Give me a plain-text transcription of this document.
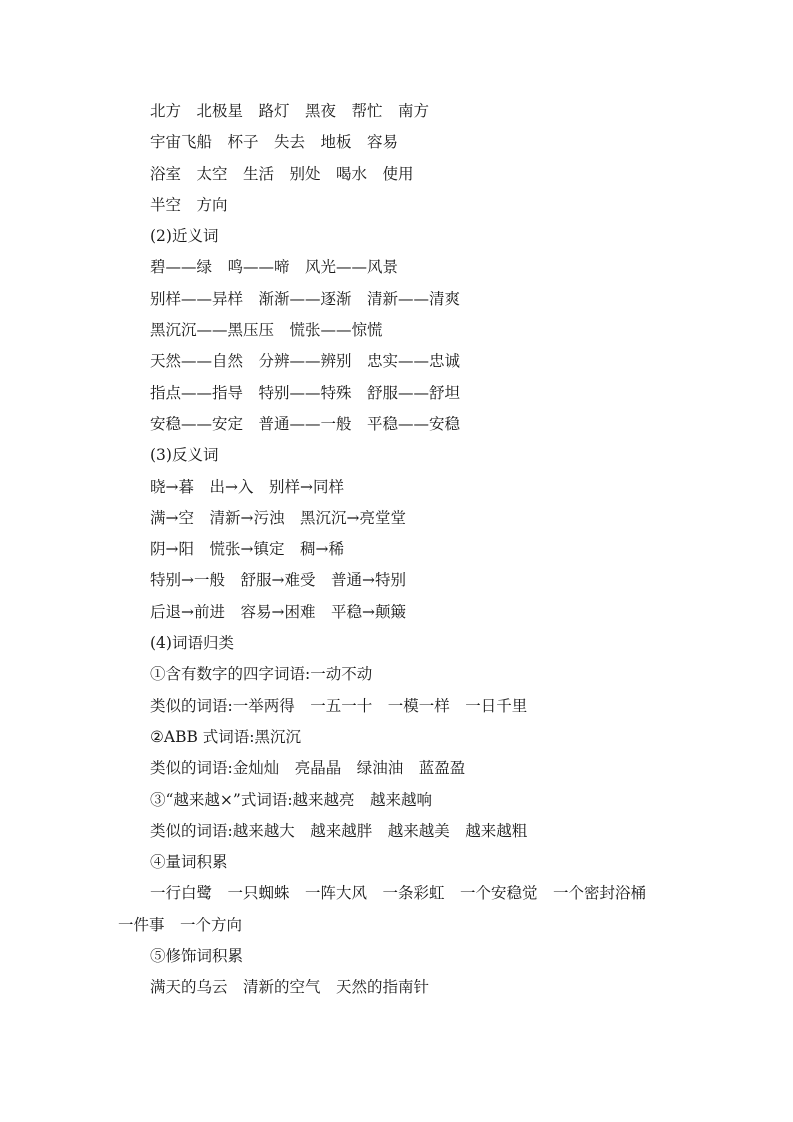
北方　北极星　路灯　黑夜　帮忙　南方
宇宙飞船　杯子　失去　地板　容易
浴室　太空　生活　别处　喝水　使用
半空　方向
(2)近义词
碧——绿　鸣——啼　风光——风景
别样——异样　渐渐——逐渐　清新——清爽
黑沉沉——黑压压　慌张——惊慌
天然——自然　分辨——辨别　忠实——忠诚
指点——指导　特别——特殊　舒服——舒坦
安稳——安定　普通——一般　平稳——安稳
(3)反义词
晓→暮　出→入　别样→同样
满→空　清新→污浊　黑沉沉→亮堂堂
阴→阳　慌张→镇定　稠→稀
特别→一般　舒服→难受　普通→特别
后退→前进　容易→困难　平稳→颠簸
(4)词语归类
①含有数字的四字词语:一动不动
类似的词语:一举两得　一五一十　一模一样　一日千里
②ABB 式词语:黑沉沉
类似的词语:金灿灿　亮晶晶　绿油油　蓝盈盈
③“越来越×”式词语:越来越亮　越来越响
类似的词语:越来越大　越来越胖　越来越美　越来越粗
④量词积累
一行白鹭　一只蜘蛛　一阵大风　一条彩虹　一个安稳觉　一个密封浴桶
一件事　一个方向
⑤修饰词积累
满天的乌云　清新的空气　天然的指南针
